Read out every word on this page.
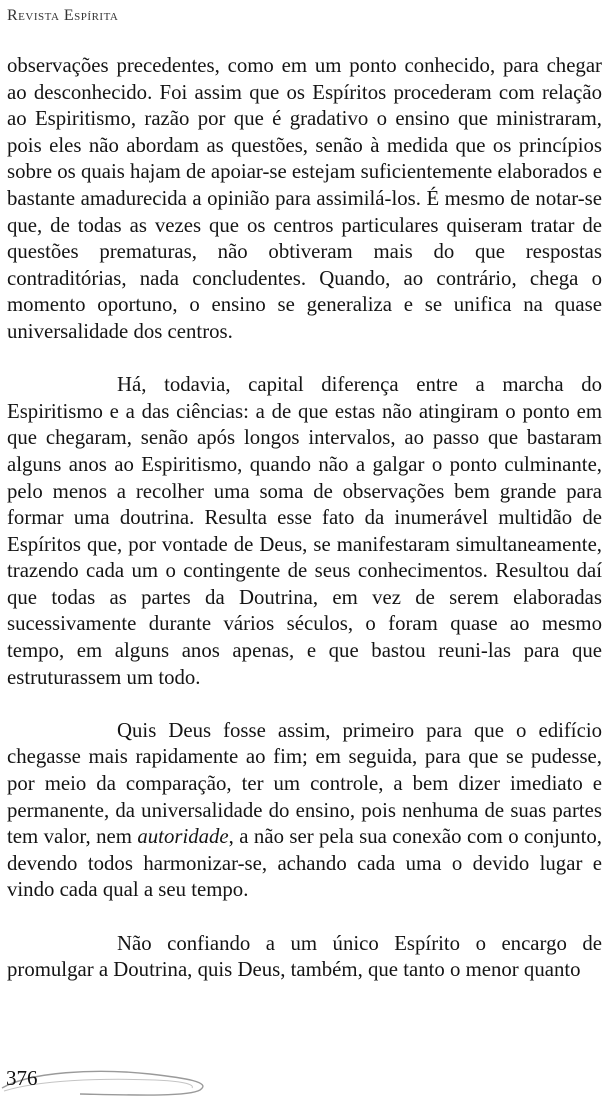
Revista Espírita

observações precedentes, como em um ponto conhecido, para chegar ao desconhecido. Foi assim que os Espíritos procederam com relação ao Espiritismo, razão por que é gradativo o ensino que ministraram, pois eles não abordam as questões, senão à medida que os princípios sobre os quais hajam de apoiar-se estejam suficientemente elaborados e bastante amadurecida a opinião para assimilá-los. É mesmo de notar-se que, de todas as vezes que os centros particulares quiseram tratar de questões prematuras, não obtiveram mais do que respostas contraditórias, nada concludentes. Quando, ao contrário, chega o momento oportuno, o ensino se generaliza e se unifica na quase universalidade dos centros.

Há, todavia, capital diferença entre a marcha do Espiritismo e a das ciências: a de que estas não atingiram o ponto em que chegaram, senão após longos intervalos, ao passo que bastaram alguns anos ao Espiritismo, quando não a galgar o ponto culminante, pelo menos a recolher uma soma de observações bem grande para formar uma doutrina. Resulta esse fato da inumerável multidão de Espíritos que, por vontade de Deus, se manifestaram simultaneamente, trazendo cada um o contingente de seus conhecimentos. Resultou daí que todas as partes da Doutrina, em vez de serem elaboradas sucessivamente durante vários séculos, o foram quase ao mesmo tempo, em alguns anos apenas, e que bastou reuni-las para que estruturassem um todo.

Quis Deus fosse assim, primeiro para que o edifício chegasse mais rapidamente ao fim; em seguida, para que se pudesse, por meio da comparação, ter um controle, a bem dizer imediato e permanente, da universalidade do ensino, pois nenhuma de suas partes tem valor, nem autoridade, a não ser pela sua conexão com o conjunto, devendo todos harmonizar-se, achando cada uma o devido lugar e vindo cada qual a seu tempo.

Não confiando a um único Espírito o encargo de promulgar a Doutrina, quis Deus, também, que tanto o menor quanto

376
